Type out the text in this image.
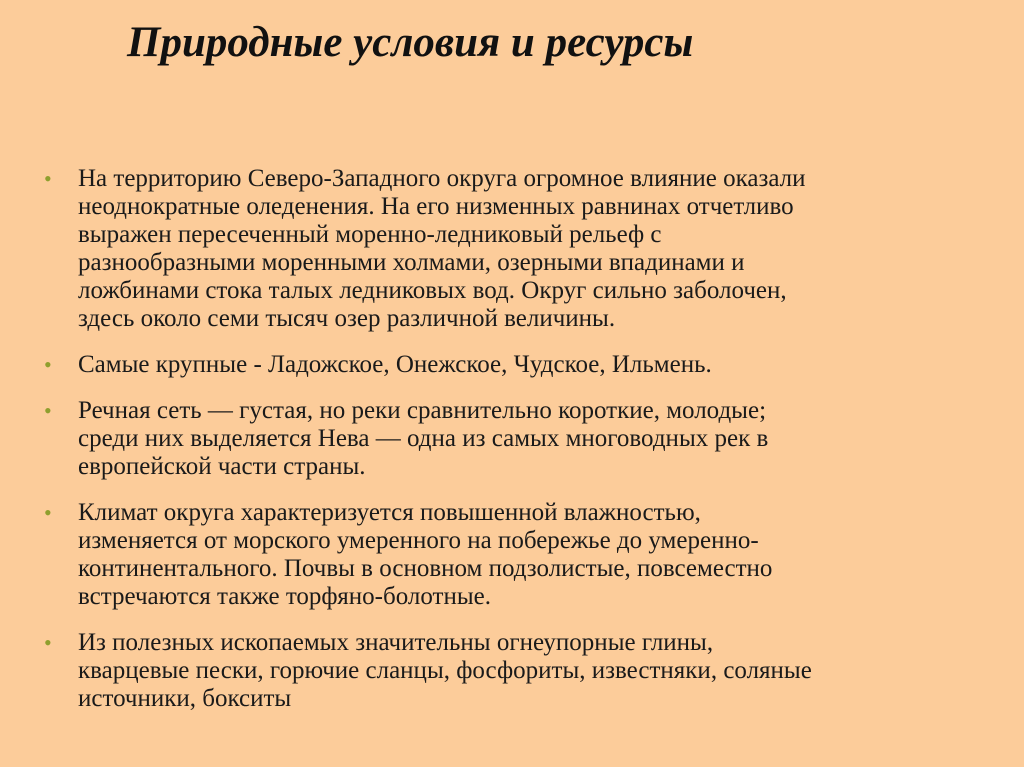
Природные условия и ресурсы
• На территорию Северо-Западного округа огромное влияние оказали
неоднократные оледенения. На его низменных равнинах отчетливо
выражен пересеченный моренно-ледниковый рельеф с
разнообразными моренными холмами, озерными впадинами и
ложбинами стока талых ледниковых вод. Округ сильно заболочен,
здесь около семи тысяч озер различной величины.
• Самые крупные - Ладожское, Онежское, Чудское, Ильмень.
• Речная сеть — густая, но реки сравнительно короткие, молодые;
среди них выделяется Нева — одна из самых многоводных рек в
европейской части страны.
• Климат округа характеризуется повышенной влажностью,
изменяется от морского умеренного на побережье до умеренно-
континентального. Почвы в основном подзолистые, повсеместно
встречаются также торфяно-болотные.
• Из полезных ископаемых значительны огнеупорные глины,
кварцевые пески, горючие сланцы, фосфориты, известняки, соляные
источники, бокситы
